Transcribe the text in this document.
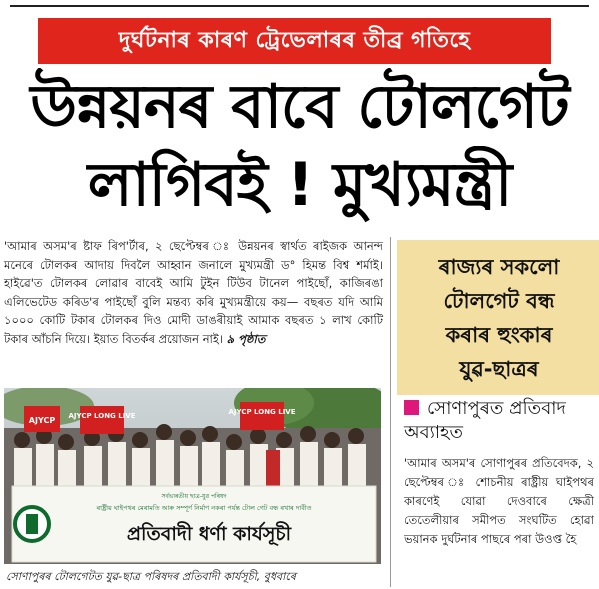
দুৰ্ঘটনাৰ কাৰণ ট্ৰেভেলাৰৰ তীব্ৰ গতিহে
উন্নয়নৰ বাবে টোলগেট
লাগিবই ! মুখ্যমন্ত্ৰী
'আমাৰ অসম'ৰ ষ্টাফ ৰিপ'ৰ্টাৰ, ২ ছেপ্টেম্বৰ ঃ উন্নয়নৰ স্বাৰ্থত ৰাইজক আনন্দ মনেৰে টোলকৰ আদায় দিবলৈ আহ্বান জনালে মুখ্যমন্ত্ৰী ড° হিমন্ত বিশ্ব শৰ্মাই। হাইৱে'ত টোলকৰ লোৱাৰ বাবেই আমি টুইন টিউব টানেল পাইছোঁ, কাজিৰঙা এলিভেটেড কৰিড'ৰ পাইছোঁ বুলি মন্তব্য কৰি মুখ্যমন্ত্ৰীয়ে কয়— বছৰত যদি আমি ১০০০ কোটি টকাৰ টোলকৰ দিও মোদী ডাঙৰীয়াই আমাক বছৰত ১ লাখ কোটি টকাৰ আঁচনি দিয়ে। ইয়াত বিতৰ্কৰ প্ৰয়োজন নাই। ৯ পৃষ্ঠাত
AJYCP AJYCP LONG LIVE	AJYCP LONG LIVE
সৰ্বভাৰতীয় ছাত্ৰ-যুৱ পৰিষদ
ৰাষ্ট্ৰীয় ঘাইপথৰ মেৰামতি আৰু সম্পূৰ্ণ নিৰ্মাণ নকৰা পৰ্যন্ত টোল গেট বন্ধ ৰখাৰ দাবীত
প্ৰতিবাদী ধৰ্ণা কাৰ্যসূচী
সোণাপুৰৰ টোলগেটত যুৱ-ছাত্ৰ পৰিষদৰ প্ৰতিবাদী কাৰ্যসূচী, বুধবাৰে
ৰাজ্যৰ সকলো
টোলগেট বন্ধ
কৰাৰ হুংকাৰ
যুৱ-ছাত্ৰৰ
সোণাপুৰত প্ৰতিবাদ অব্যাহত
'আমাৰ অসম'ৰ সোণাপুৰৰ প্ৰতিবেদক, ২ ছেপ্টেম্বৰ ঃ শোচনীয় ৰাষ্ট্ৰীয় ঘাইপথৰ কাৰণেই যোৱা দেওবাৰে ক্ষেত্ৰী তেতেলীয়াৰ সমীপত সংঘটিত হোৱা ভয়ানক দুৰ্ঘটনাৰ পাছৰে পৰা উওপ্ত হৈ
